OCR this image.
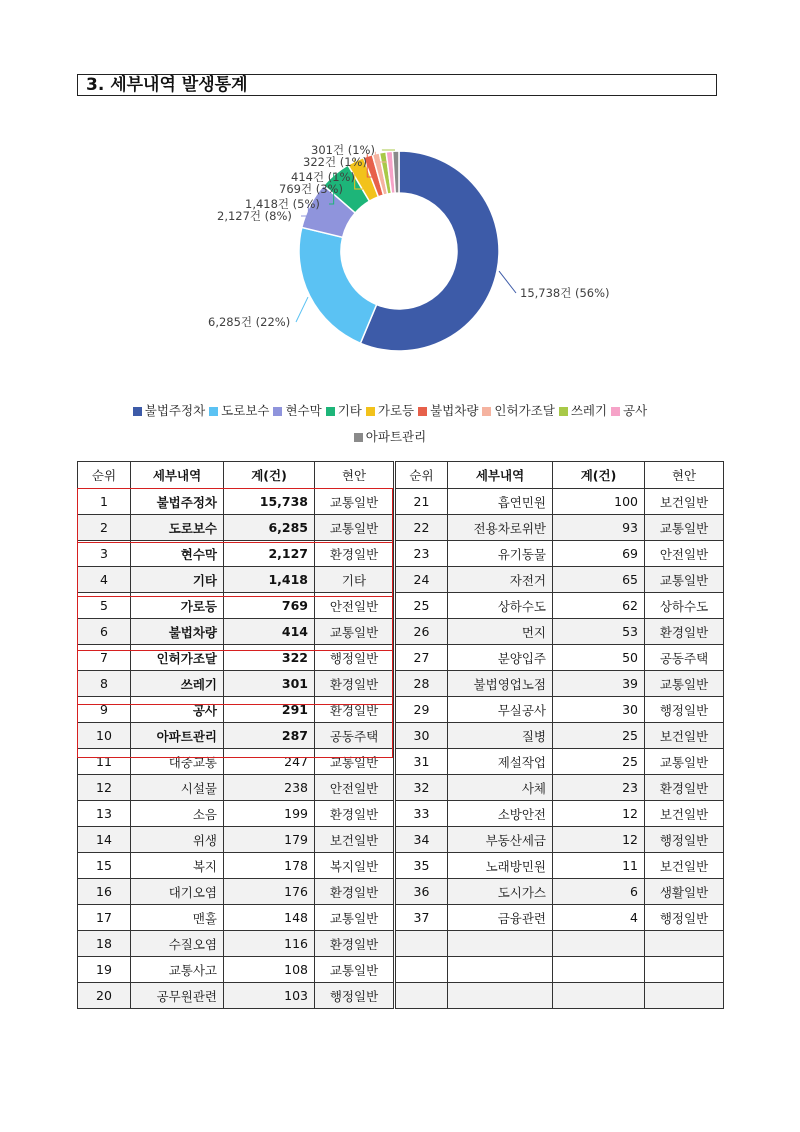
3. 세부내역 발생통계
15,738건 (56%)
6,285건 (22%)
2,127건 (8%)
1,418건 (5%)
769건 (3%)
414건 (1%)
322건 (1%)
301건 (1%)
불법주정차 도로보수 현수막 기타 가로등 불법차량 인허가조달 쓰레기 공사
아파트관리
순위	세부내역	계(건)	현안
1	불법주정차	15,738	교통일반
2	도로보수	6,285	교통일반
3	현수막	2,127	환경일반
4	기타	1,418	기타
5	가로등	769	안전일반
6	불법차량	414	교통일반
7	인허가조달	322	행정일반
8	쓰레기	301	환경일반
9	공사	291	환경일반
10	아파트관리	287	공동주택
11	대중교통	247	교통일반
12	시설물	238	안전일반
13	소음	199	환경일반
14	위생	179	보건일반
15	복지	178	복지일반
16	대기오염	176	환경일반
17	맨홀	148	교통일반
18	수질오염	116	환경일반
19	교통사고	108	교통일반
20	공무원관련	103	행정일반
순위	세부내역	계(건)	현안
21	흡연민원	100	보건일반
22	전용차로위반	93	교통일반
23	유기동물	69	안전일반
24	자전거	65	교통일반
25	상하수도	62	상하수도
26	먼지	53	환경일반
27	분양입주	50	공동주택
28	불법영업노점	39	교통일반
29	무실공사	30	행정일반
30	질병	25	보건일반
31	제설작업	25	교통일반
32	사체	23	환경일반
33	소방안전	12	보건일반
34	부동산세금	12	행정일반
35	노래방민원	11	보건일반
36	도시가스	6	생활일반
37	금융관련	4	행정일반
